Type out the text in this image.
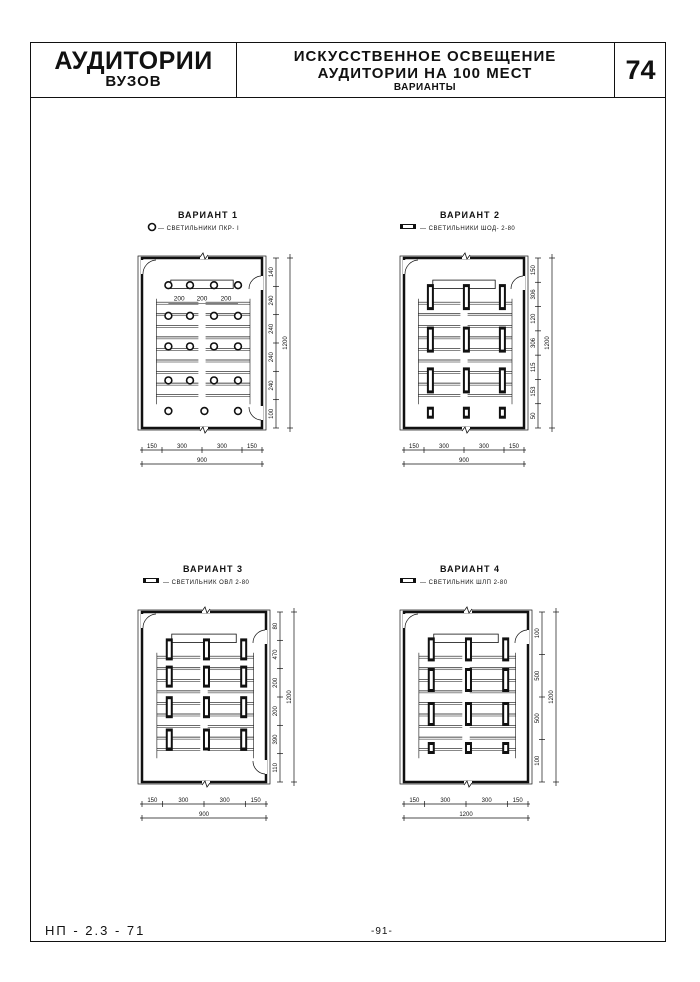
АУДИТОРИИ
ВУЗОВ
ИСКУССТВЕННОЕ ОСВЕЩЕНИЕ
АУДИТОРИИ НА 100 МЕСТ
ВАРИАНТЫ
74
НП - 2.3 - 71	-91-
ВАРИАНТ 1
— СВЕТИЛЬНИКИ ПКР- I
200 200 200
140
240
240
240
240
100
1200
150	300	300	150
900
ВАРИАНТ 2
— СВЕТИЛЬНИКИ ШОД- 2-80
150
306
120
306
115
153
50
1200
150	300	300	150
900
ВАРИАНТ 3
— СВЕТИЛЬНИК ОВЛ 2-80
80
470
200
200
390
110
1200
150	300	300	150
900
ВАРИАНТ 4
— СВЕТИЛЬНИК ШЛП 2-80
100
500
500
100
1200
150	300	300	150
1200
